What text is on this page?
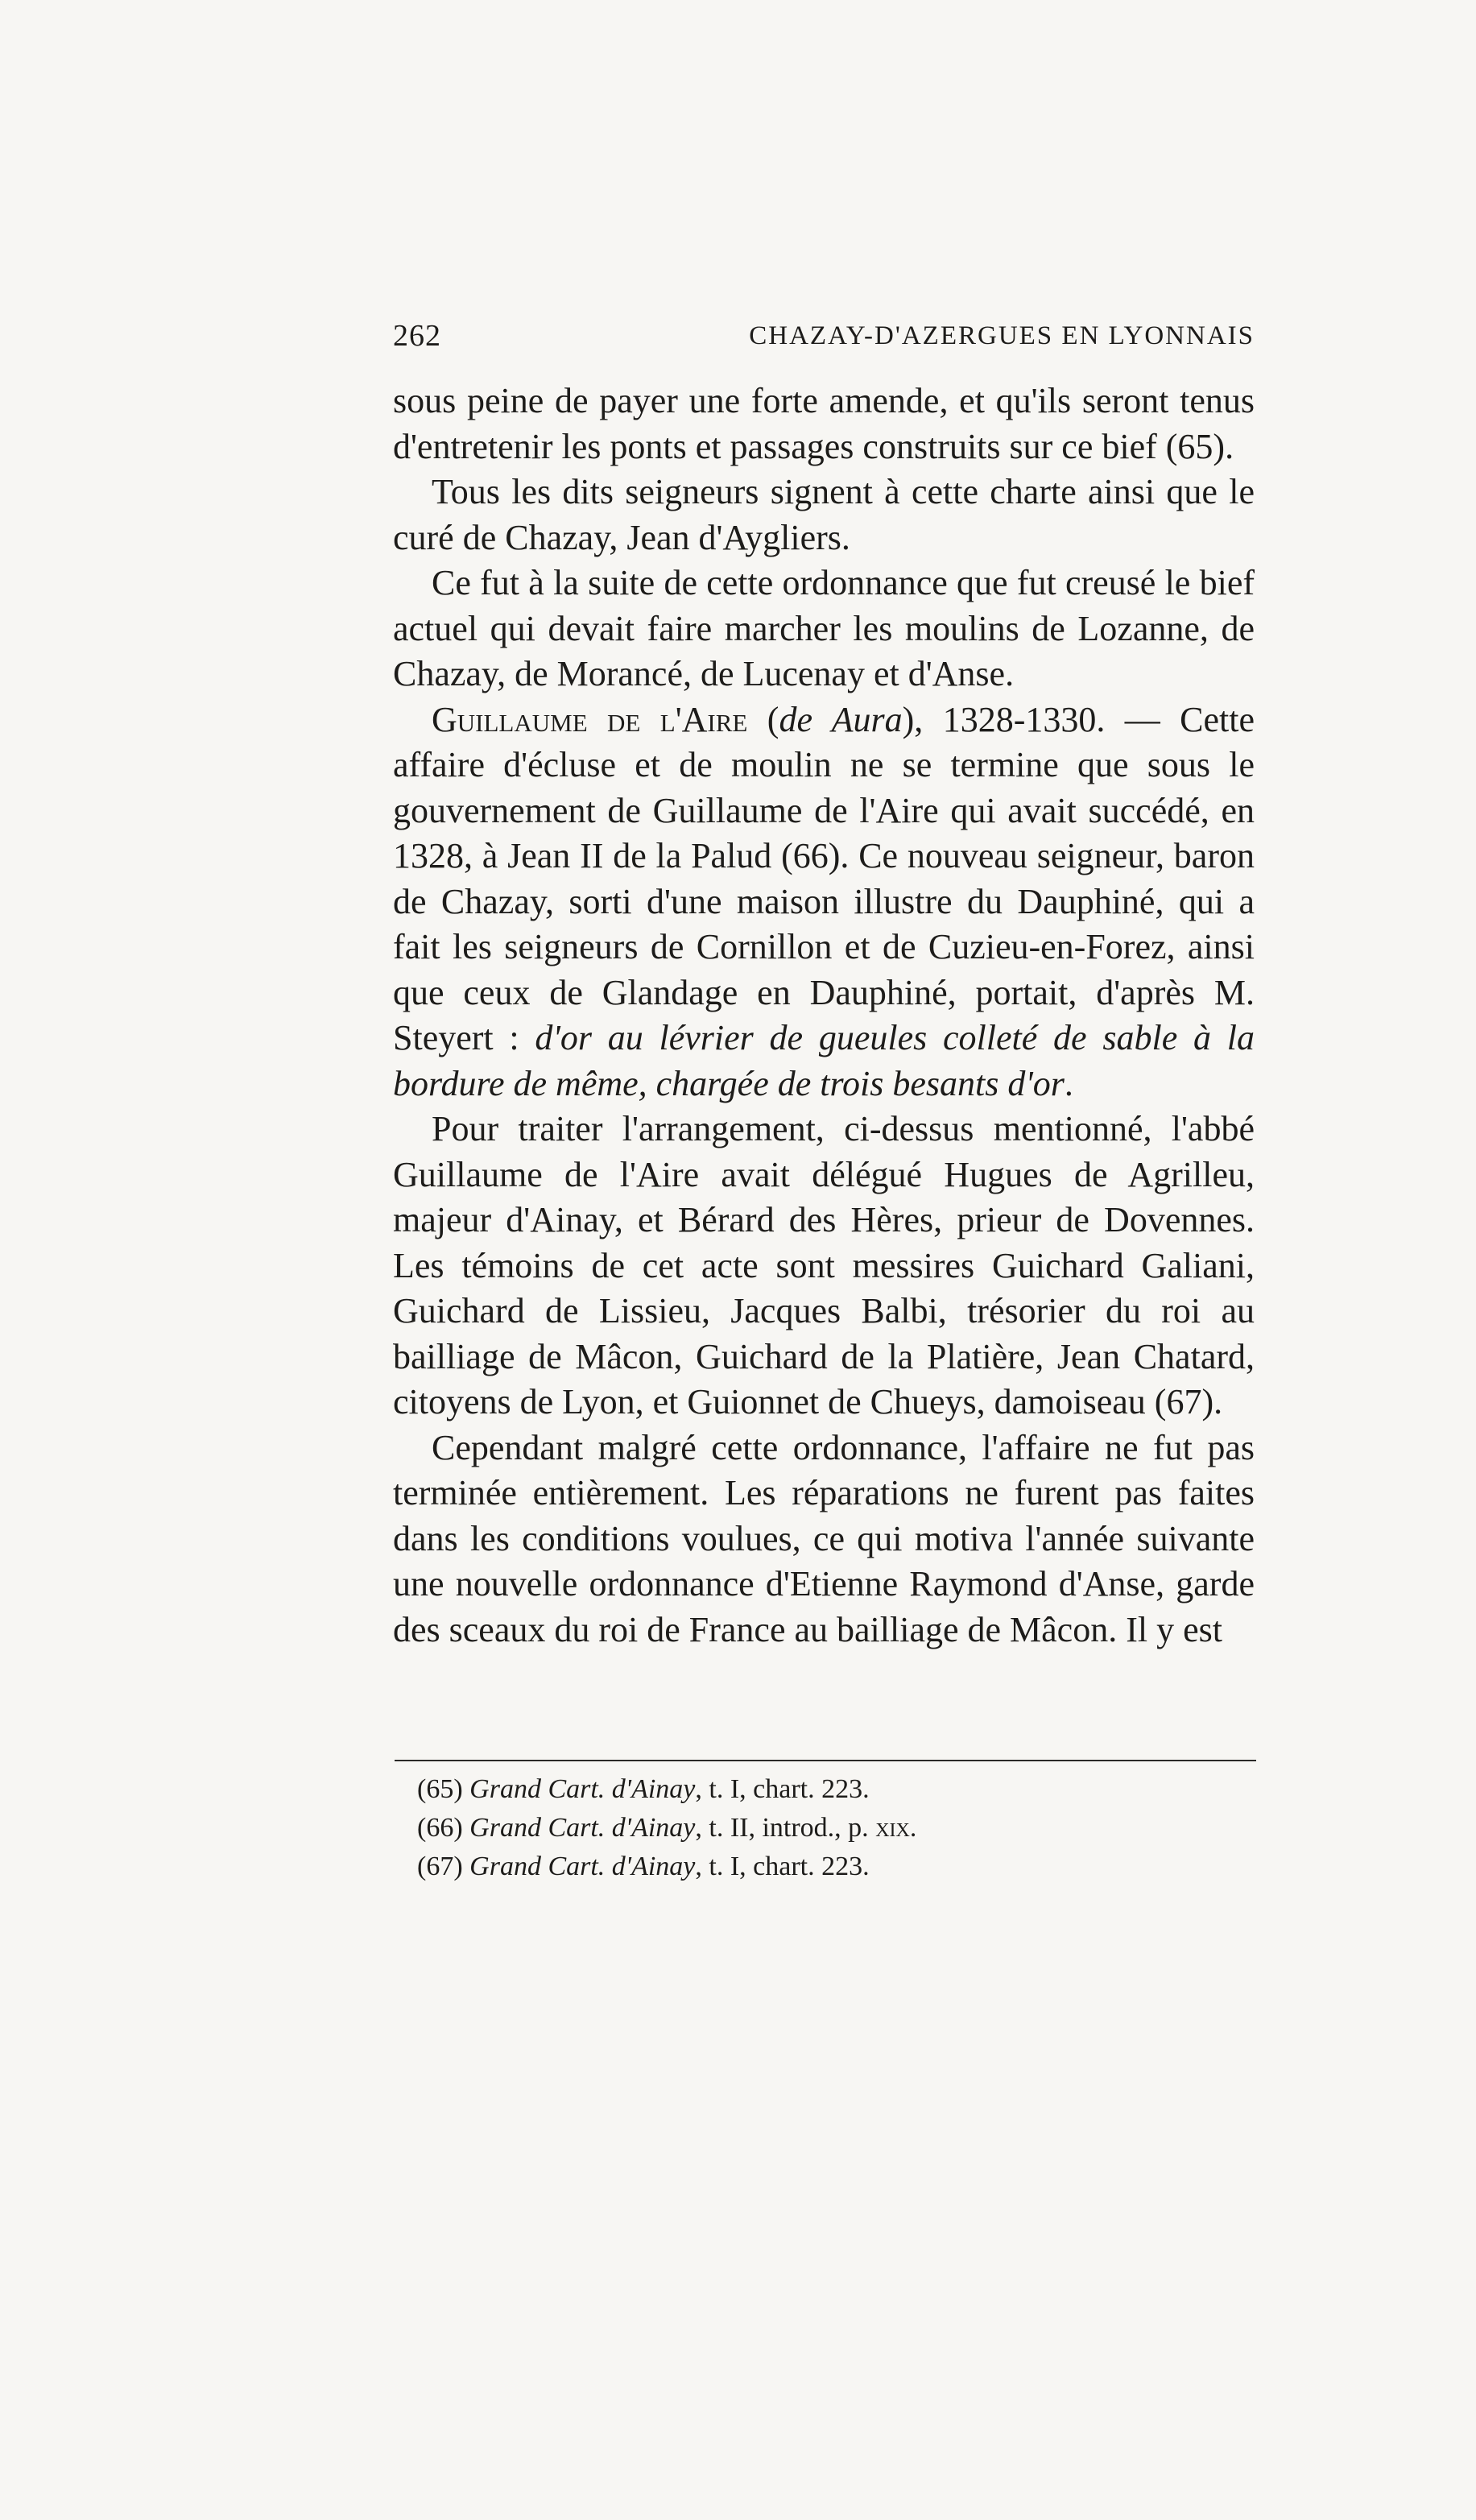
262	CHAZAY-D'AZERGUES EN LYONNAIS

sous peine de payer une forte amende, et qu'ils seront tenus d'entretenir les ponts et passages construits sur ce bief (65).

Tous les dits seigneurs signent à cette charte ainsi que le curé de Chazay, Jean d'Aygliers.

Ce fut à la suite de cette ordonnance que fut creusé le bief actuel qui devait faire marcher les moulins de Lozanne, de Chazay, de Morancé, de Lucenay et d'Anse.

Guillaume de l'Aire (de Aura), 1328-1330. — Cette affaire d'écluse et de moulin ne se termine que sous le gouvernement de Guillaume de l'Aire qui avait succédé, en 1328, à Jean II de la Palud (66). Ce nouveau seigneur, baron de Chazay, sorti d'une maison illustre du Dauphiné, qui a fait les seigneurs de Cornillon et de Cuzieu-en-Forez, ainsi que ceux de Glandage en Dauphiné, portait, d'après M. Steyert : d'or au lévrier de gueules colleté de sable à la bordure de même, chargée de trois besants d'or.

Pour traiter l'arrangement, ci-dessus mentionné, l'abbé Guillaume de l'Aire avait délégué Hugues de Agrilleu, majeur d'Ainay, et Bérard des Hères, prieur de Dovennes. Les témoins de cet acte sont messires Guichard Galiani, Guichard de Lissieu, Jacques Balbi, trésorier du roi au bailliage de Mâcon, Guichard de la Platière, Jean Chatard, citoyens de Lyon, et Guionnet de Chueys, damoiseau (67).

Cependant malgré cette ordonnance, l'affaire ne fut pas terminée entièrement. Les réparations ne furent pas faites dans les conditions voulues, ce qui motiva l'année suivante une nouvelle ordonnance d'Etienne Raymond d'Anse, garde des sceaux du roi de France au bailliage de Mâcon. Il y est

(65) Grand Cart. d'Ainay, t. I, chart. 223.
(66) Grand Cart. d'Ainay, t. II, introd., p. xix.
(67) Grand Cart. d'Ainay, t. I, chart. 223.
